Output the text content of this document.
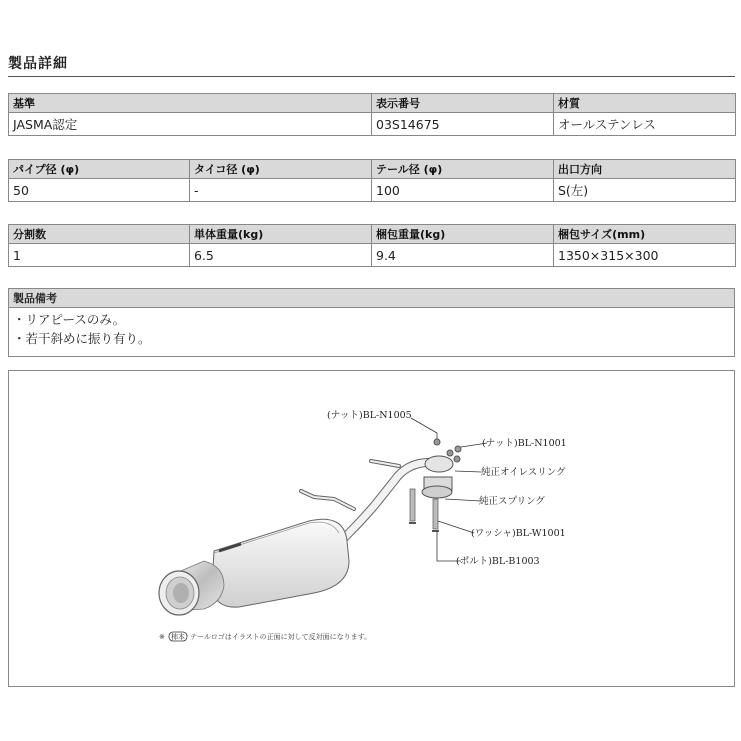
製品詳細
基準	表示番号	材質
JASMA認定	03S14675	オールステンレス
パイプ径 (φ)	タイコ径 (φ)	テール径 (φ)	出口方向
50	-	100	S(左)
分割数	単体重量(kg)	梱包重量(kg)	梱包サイズ(mm)
1	6.5	9.4	1350×315×300
製品備考

・リアピースのみ。
・若干斜めに振り有り。
(ナット)BL-N1005
(ナット)BL-N1001
純正オイレスリング
純正スプリング
(ワッシャ)BL-W1001
(ボルト)BL-B1003
※ 柿本 テールロゴはイラストの正面に対して反対面になります。
